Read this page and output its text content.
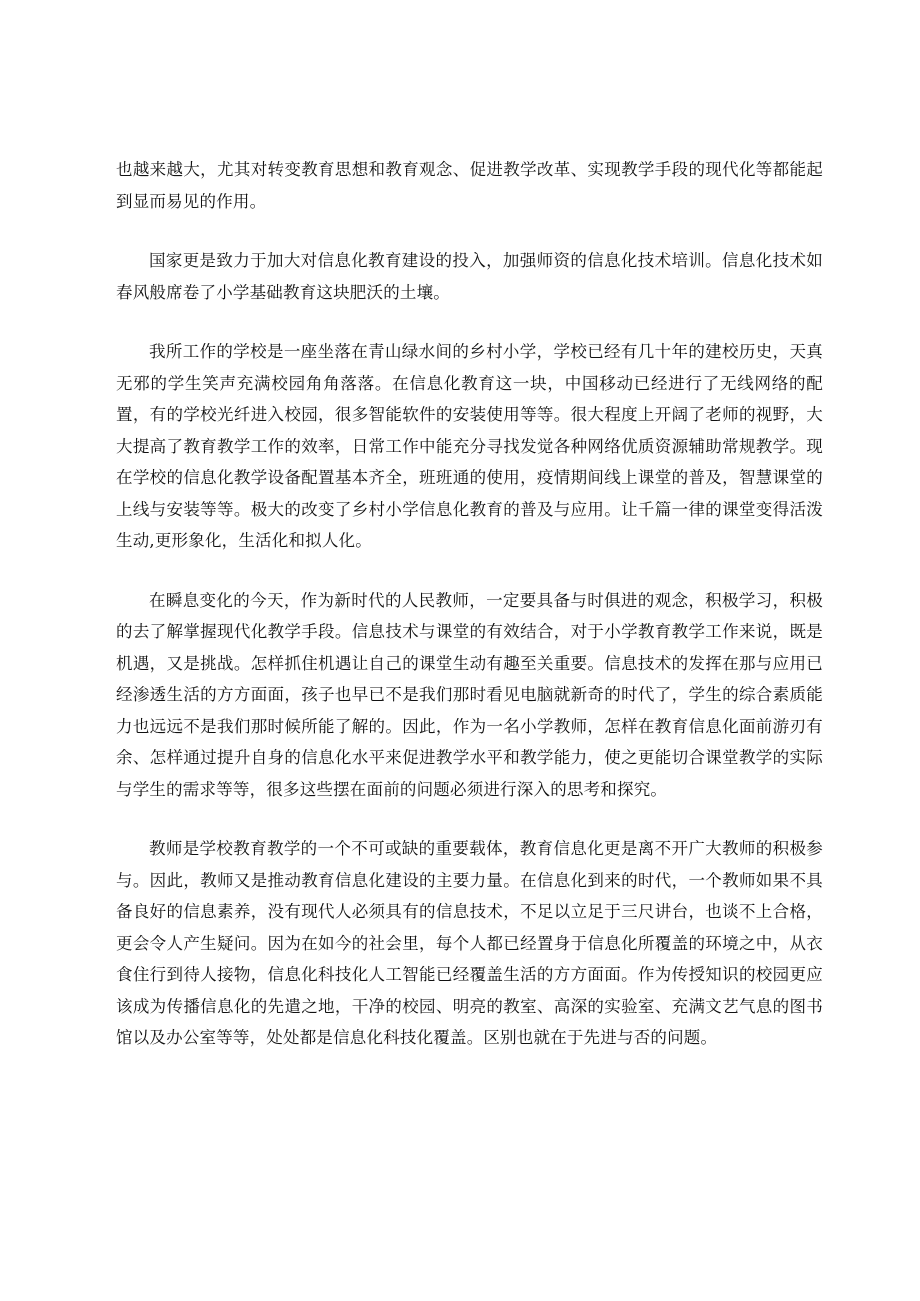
也越来越大，尤其对转变教育思想和教育观念、促进教学改革、实现教学手段的现代化等都能起到显而易见的作用。

国家更是致力于加大对信息化教育建设的投入，加强师资的信息化技术培训。信息化技术如春风般席卷了小学基础教育这块肥沃的土壤。

我所工作的学校是一座坐落在青山绿水间的乡村小学，学校已经有几十年的建校历史，天真无邪的学生笑声充满校园角角落落。在信息化教育这一块，中国移动已经进行了无线网络的配置，有的学校光纤进入校园，很多智能软件的安装使用等等。很大程度上开阔了老师的视野，大大提高了教育教学工作的效率，日常工作中能充分寻找发觉各种网络优质资源辅助常规教学。现在学校的信息化教学设备配置基本齐全，班班通的使用，疫情期间线上课堂的普及，智慧课堂的上线与安装等等。极大的改变了乡村小学信息化教育的普及与应用。让千篇一律的课堂变得活泼生动,更形象化，生活化和拟人化。

在瞬息变化的今天，作为新时代的人民教师，一定要具备与时俱进的观念，积极学习，积极的去了解掌握现代化教学手段。信息技术与课堂的有效结合，对于小学教育教学工作来说，既是机遇，又是挑战。怎样抓住机遇让自己的课堂生动有趣至关重要。信息技术的发挥在那与应用已经渗透生活的方方面面，孩子也早已不是我们那时看见电脑就新奇的时代了，学生的综合素质能力也远远不是我们那时候所能了解的。因此，作为一名小学教师，怎样在教育信息化面前游刃有余、怎样通过提升自身的信息化水平来促进教学水平和教学能力，使之更能切合课堂教学的实际与学生的需求等等，很多这些摆在面前的问题必须进行深入的思考和探究。

教师是学校教育教学的一个不可或缺的重要载体，教育信息化更是离不开广大教师的积极参与。因此，教师又是推动教育信息化建设的主要力量。在信息化到来的时代，一个教师如果不具备良好的信息素养，没有现代人必须具有的信息技术，不足以立足于三尺讲台，也谈不上合格，更会令人产生疑问。因为在如今的社会里，每个人都已经置身于信息化所覆盖的环境之中，从衣食住行到待人接物，信息化科技化人工智能已经覆盖生活的方方面面。作为传授知识的校园更应该成为传播信息化的先遣之地，干净的校园、明亮的教室、高深的实验室、充满文艺气息的图书馆以及办公室等等，处处都是信息化科技化覆盖。区别也就在于先进与否的问题。
